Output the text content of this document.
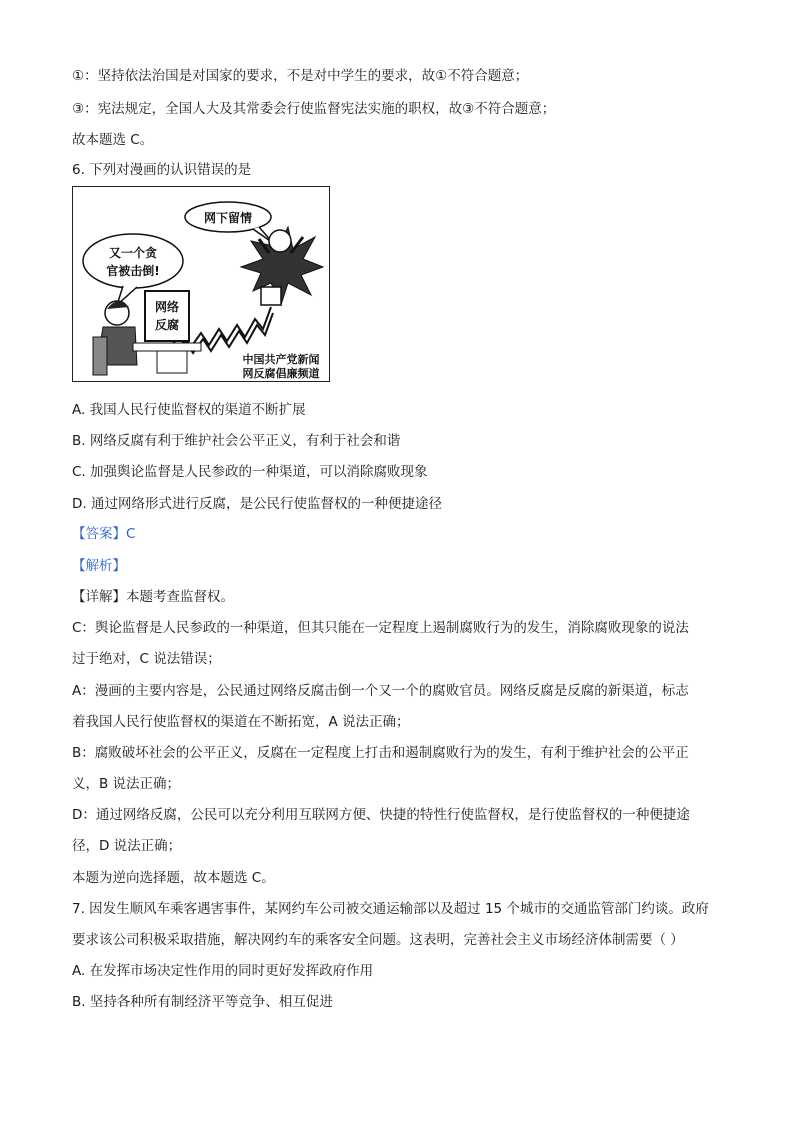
①：坚持依法治国是对国家的要求，不是对中学生的要求，故①不符合题意；
③：宪法规定，全国人大及其常委会行使监督宪法实施的职权，故③不符合题意；
故本题选 C。
6. 下列对漫画的认识错误的是
又一个贪
官被击倒!
网下留情
网络
反腐
中国共产党新闻
网反腐倡廉频道
A. 我国人民行使监督权的渠道不断扩展
B. 网络反腐有利于维护社会公平正义，有利于社会和谐
C. 加强舆论监督是人民参政的一种渠道，可以消除腐败现象
D. 通过网络形式进行反腐，是公民行使监督权的一种便捷途径
【答案】C
【解析】
【详解】本题考查监督权。
C：舆论监督是人民参政的一种渠道，但其只能在一定程度上遏制腐败行为的发生，消除腐败现象的说法
过于绝对，C 说法错误；
A：漫画的主要内容是，公民通过网络反腐击倒一个又一个的腐败官员。网络反腐是反腐的新渠道，标志
着我国人民行使监督权的渠道在不断拓宽，A 说法正确；
B：腐败破坏社会的公平正义，反腐在一定程度上打击和遏制腐败行为的发生，有利于维护社会的公平正
义，B 说法正确；
D：通过网络反腐，公民可以充分利用互联网方便、快捷的特性行使监督权，是行使监督权的一种便捷途
径，D 说法正确；
本题为逆向选择题，故本题选 C。
7. 因发生顺风车乘客遇害事件，某网约车公司被交通运输部以及超过 15 个城市的交通监管部门约谈。政府
要求该公司积极采取措施，解决网约车的乘客安全问题。这表明，完善社会主义市场经济体制需要（ ）
A. 在发挥市场决定性作用的同时更好发挥政府作用
B. 坚持各种所有制经济平等竞争、相互促进
